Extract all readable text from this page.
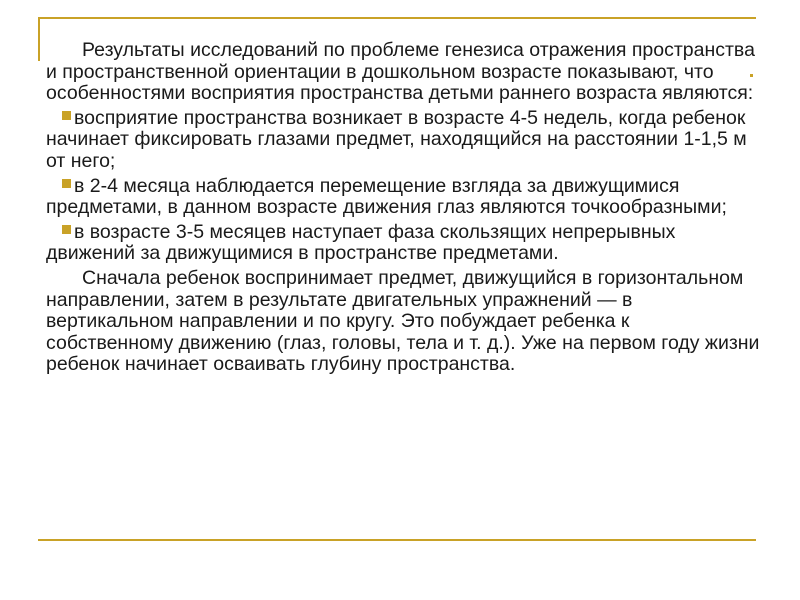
Результаты исследований по проблеме генезиса отражения пространства и пространственной ориентации в дошкольном возрасте показывают, что особенностями восприятия пространства детьми раннего возраста являются:

восприятие пространства возникает в возрасте 4-5 недель, когда ребенок начинает фиксировать глазами предмет, находящийся на расстоянии 1-1,5 м от него;

в 2-4 месяца наблюдается перемещение взгляда за движущимися предметами, в данном возрасте движения глаз являются точкообразными;

в возрасте 3-5 месяцев наступает фаза скользящих непрерывных движений за движущимися в пространстве предметами.

Сначала ребенок воспринимает предмет, движущийся в горизонтальном направлении, затем в результате двигательных упражнений — в вертикальном направлении и по кругу. Это побуждает ребенка к собственному движению (глаз, головы, тела и т. д.). Уже на первом году жизни ребенок начинает осваивать глубину пространства.
